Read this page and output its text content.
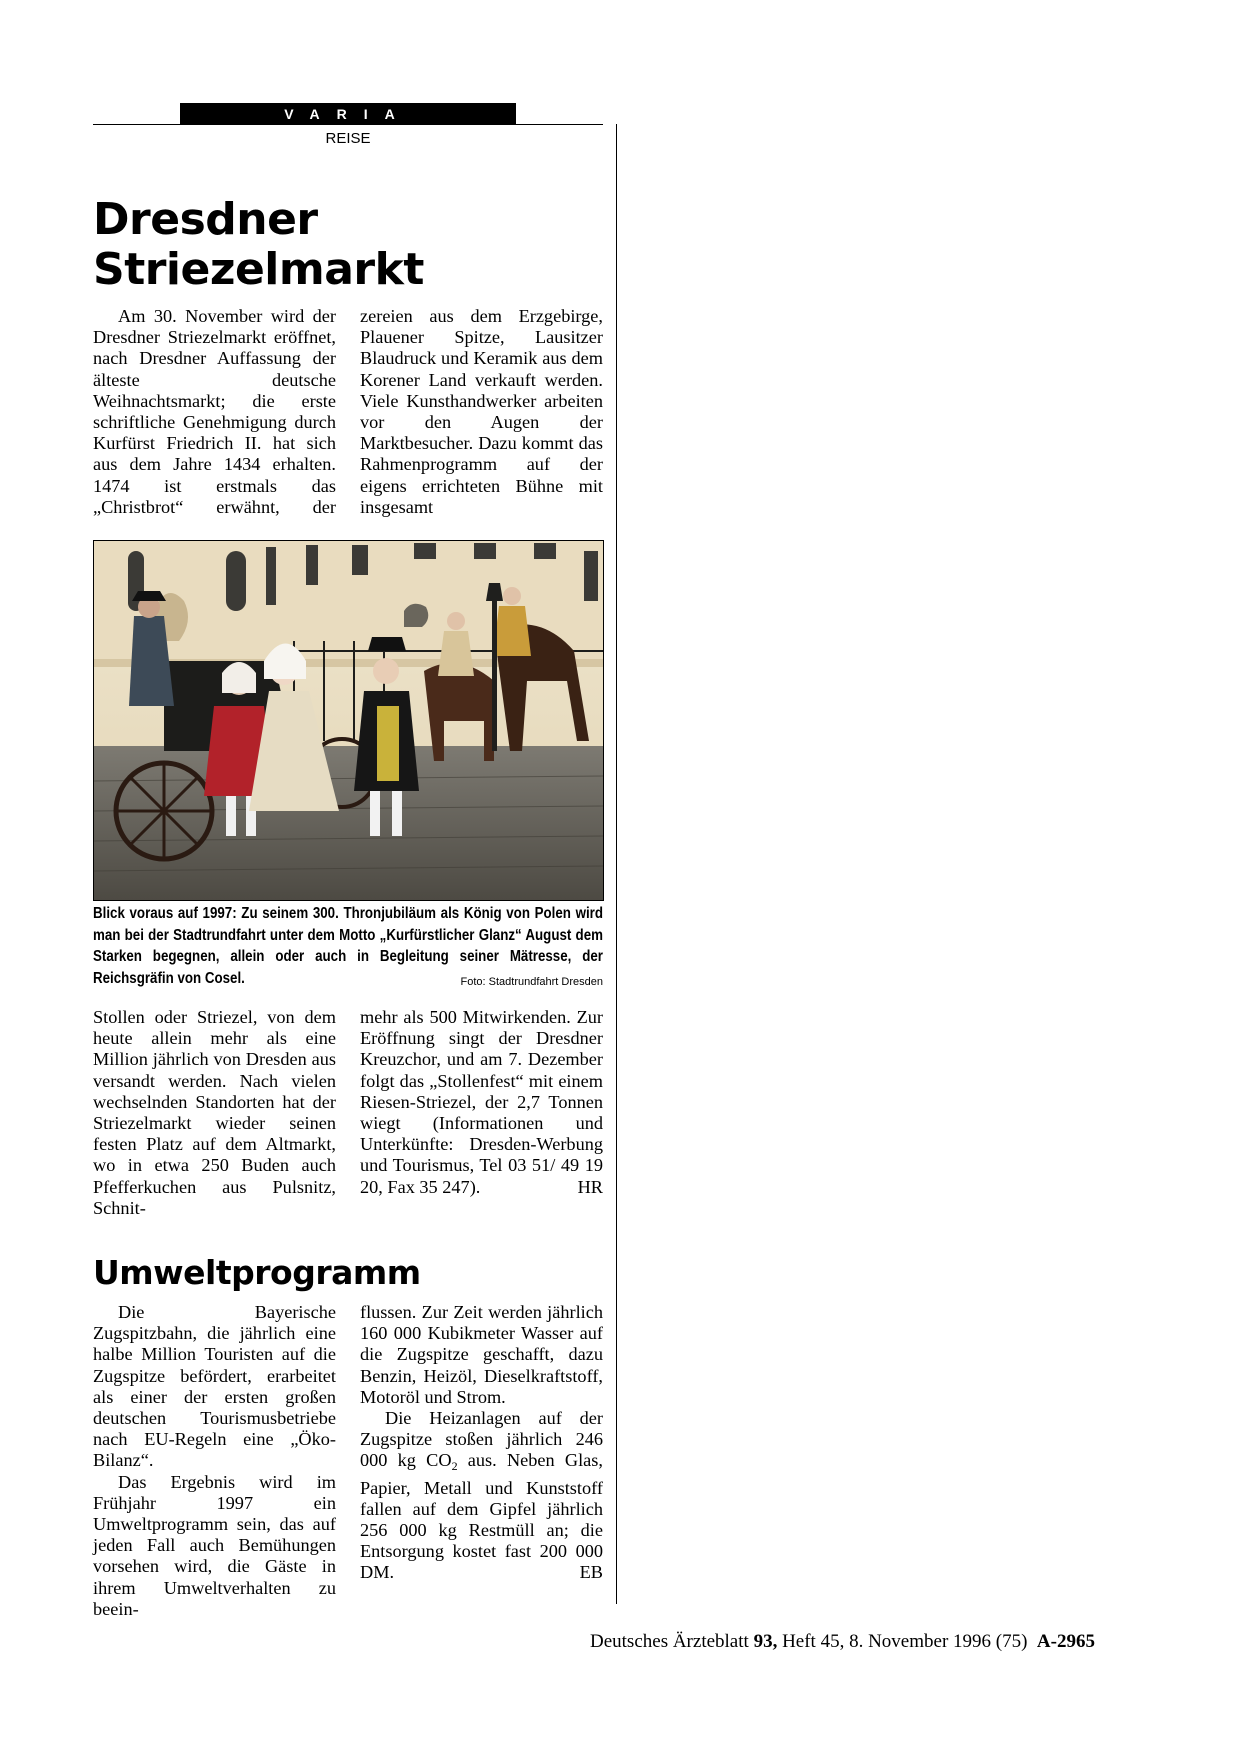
VARIA
REISE
Dresdner
Striezelmarkt

Am 30. November wird der Dresdner Striezelmarkt eröffnet, nach Dresdner Auffassung der älteste deutsche Weihnachtsmarkt; die erste schriftliche Genehmigung durch Kurfürst Friedrich II. hat sich aus dem Jahre 1434 erhalten. 1474 ist erstmals das „Christbrot“ erwähnt, der

zereien aus dem Erzgebirge, Plauener Spitze, Lausitzer Blaudruck und Keramik aus dem Korener Land verkauft werden. Viele Kunsthandwerker arbeiten vor den Augen der Marktbesucher. Dazu kommt das Rahmenprogramm auf der eigens errichteten Bühne mit insgesamt

Blick voraus auf 1997: Zu seinem 300. Thronjubiläum als König von Polen wird man bei der Stadtrundfahrt unter dem Motto „Kurfürstlicher Glanz“ August dem Starken begegnen, allein oder auch in Begleitung seiner Mätresse, der Reichsgräfin von Cosel.	Foto: Stadtrundfahrt Dresden

Stollen oder Striezel, von dem heute allein mehr als eine Million jährlich von Dresden aus versandt werden. Nach vielen wechselnden Standorten hat der Striezelmarkt wieder seinen festen Platz auf dem Altmarkt, wo in etwa 250 Buden auch Pfefferkuchen aus Pulsnitz, Schnit-

mehr als 500 Mitwirkenden. Zur Eröffnung singt der Dresdner Kreuzchor, und am 7. Dezember folgt das „Stollenfest“ mit einem Riesen-Striezel, der 2,7 Tonnen wiegt (Informationen und Unterkünfte: Dresden-Werbung und Tourismus, Tel 03 51/ 49 19 20, Fax 35 247).	HR

Umweltprogramm

Die Bayerische Zugspitzbahn, die jährlich eine halbe Million Touristen auf die Zugspitze befördert, erarbeitet als einer der ersten großen deutschen Tourismusbetriebe nach EU-Regeln eine „Öko-Bilanz“.

Das Ergebnis wird im Frühjahr 1997 ein Umweltprogramm sein, das auf jeden Fall auch Bemühungen vorsehen wird, die Gäste in ihrem Umweltverhalten zu beein-

flussen. Zur Zeit werden jährlich 160 000 Kubikmeter Wasser auf die Zugspitze geschafft, dazu Benzin, Heizöl, Dieselkraftstoff, Motoröl und Strom.

Die Heizanlagen auf der Zugspitze stoßen jährlich 246 000 kg $CO_2$ aus. Neben Glas, Papier, Metall und Kunststoff fallen auf dem Gipfel jährlich 256 000 kg Restmüll an; die Entsorgung kostet fast 200 000 DM.	EB

Deutsches Ärzteblatt 93, Heft 45, 8. November 1996 (75) A-2965
